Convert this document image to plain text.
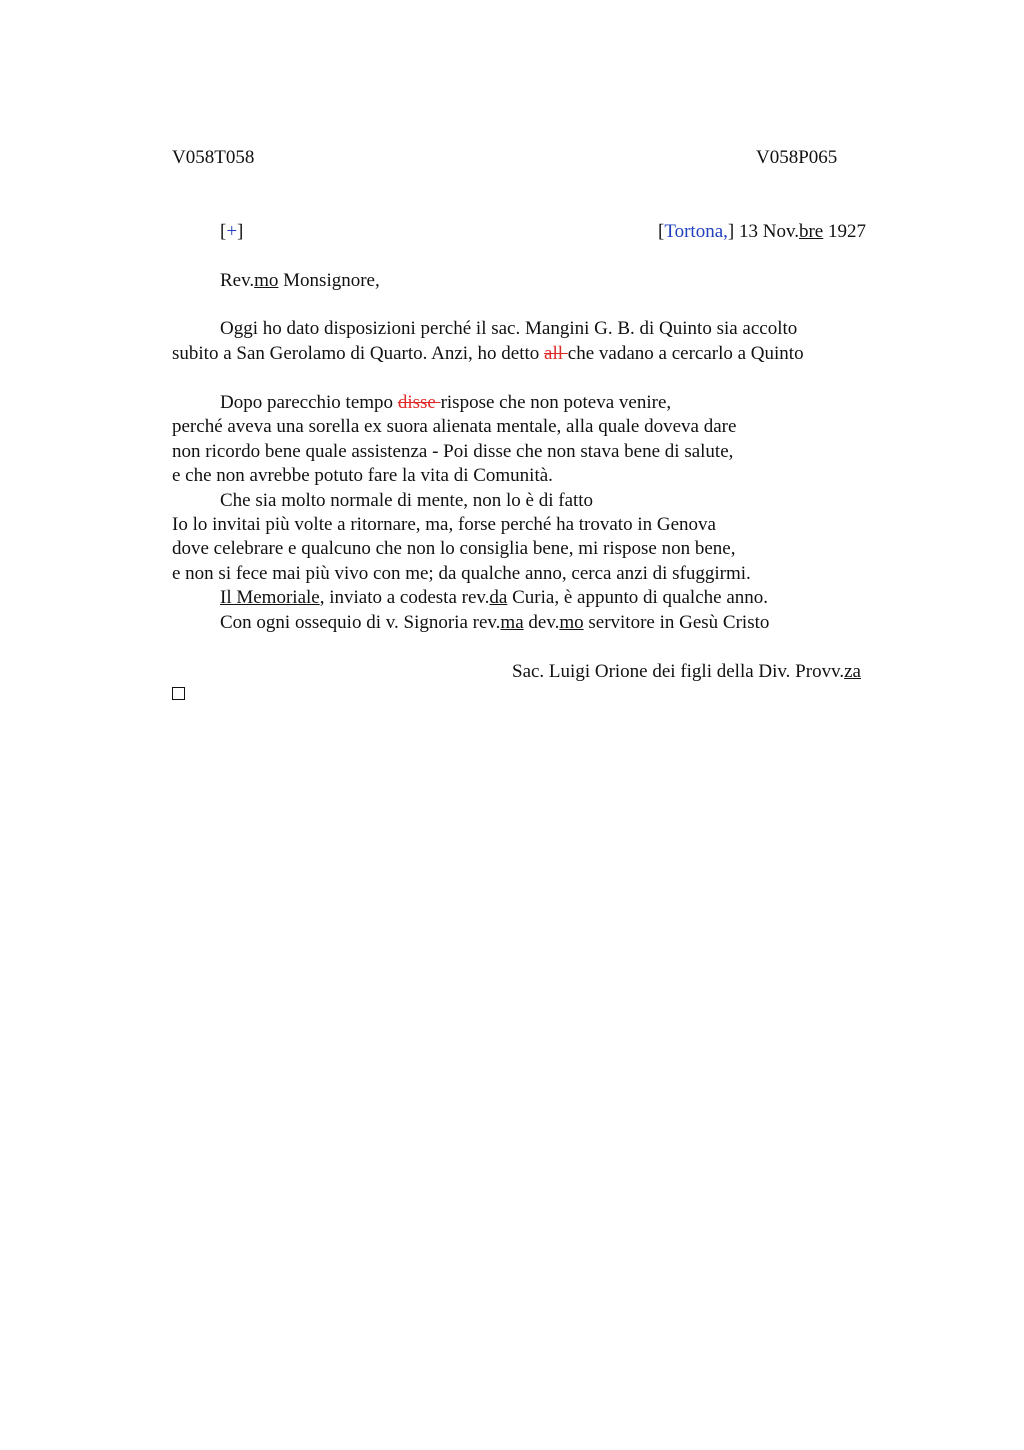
V058T058	V058P065
[+]	[Tortona,] 13 Nov.bre 1927
Rev.mo Monsignore,
Oggi ho dato disposizioni perché il sac. Mangini G. B. di Quinto sia accolto
subito a San Gerolamo di Quarto. Anzi, ho detto all che vadano a cercarlo a Quinto
Dopo parecchio tempo disse rispose che non poteva venire,
perché aveva una sorella ex suora alienata mentale, alla quale doveva dare
non ricordo bene quale assistenza - Poi disse che non stava bene di salute,
e che non avrebbe potuto fare la vita di Comunità.
Che sia molto normale di mente, non lo è di fatto
Io lo invitai più volte a ritornare, ma, forse perché ha trovato in Genova
dove celebrare e qualcuno che non lo consiglia bene, mi rispose non bene,
e non si fece mai più vivo con me; da qualche anno, cerca anzi di sfuggirmi.
Il Memoriale, inviato a codesta rev.da Curia, è appunto di qualche anno.
Con ogni ossequio di v. Signoria rev.ma dev.mo servitore in Gesù Cristo
Sac. Luigi Orione dei figli della Div. Provv.za
